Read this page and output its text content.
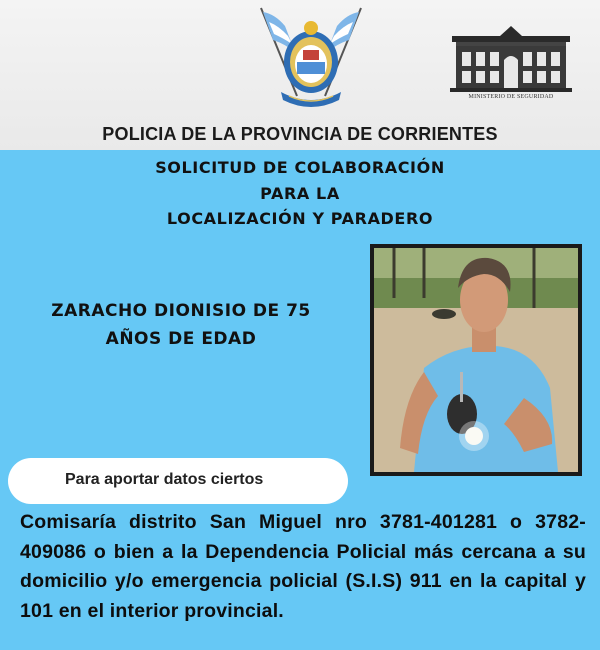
MINISTERIO DE SEGURIDAD
POLICIA DE LA PROVINCIA DE CORRIENTES
SOLICITUD DE COLABORACIÓN
PARA LA
LOCALIZACIÓN Y PARADERO
ZARACHO DIONISIO DE 75
AÑOS DE EDAD
Para aportar datos ciertos
Comisaría distrito San Miguel nro 3781-401281 o 3782-409086 o bien a la Dependencia Policial más cercana a su domicilio y/o emergencia policial (S.I.S) 911 en la capital y 101 en el interior provincial.
